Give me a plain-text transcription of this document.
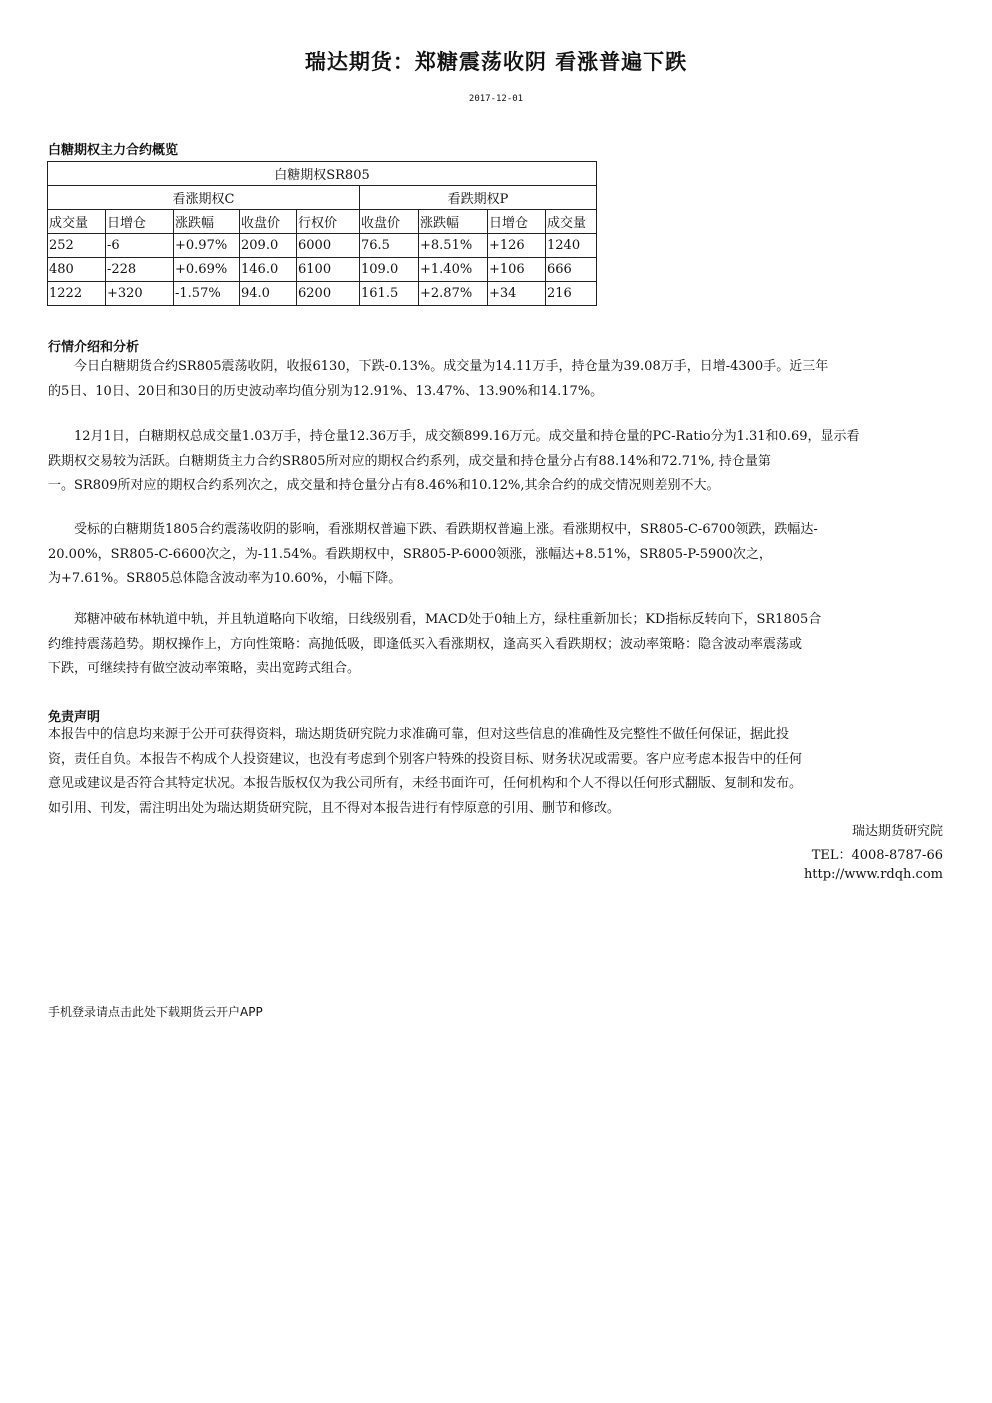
瑞达期货：郑糖震荡收阴 看涨普遍下跌
2017-12-01
白糖期权主力合约概览
白糖期权SR805								
看涨期权C					看跌期权P			
成交量	日增仓	涨跌幅	收盘价	行权价	收盘价	涨跌幅	日增仓	成交量
252	-6	+0.97%	209.0	6000	76.5	+8.51%	+126	1240
480	-228	+0.69%	146.0	6100	109.0	+1.40%	+106	666
1222	+320	-1.57%	94.0	6200	161.5	+2.87%	+34	216
行情介绍和分析
今日白糖期货合约SR805震荡收阴，收报6130，下跌-0.13%。成交量为14.11万手，持仓量为39.08万手，日增-4300手。近三年
的5日、10日、20日和30日的历史波动率均值分别为12.91%、13.47%、13.90%和14.17%。
12月1日，白糖期权总成交量1.03万手，持仓量12.36万手，成交额899.16万元。成交量和持仓量的PC-Ratio分为1.31和0.69，显示看
跌期权交易较为活跃。白糖期货主力合约SR805所对应的期权合约系列，成交量和持仓量分占有88.14%和72.71%, 持仓量第
一。SR809所对应的期权合约系列次之，成交量和持仓量分占有8.46%和10.12%,其余合约的成交情况则差别不大。
受标的白糖期货1805合约震荡收阴的影响，看涨期权普遍下跌、看跌期权普遍上涨。看涨期权中，SR805-C-6700领跌，跌幅达-
20.00%，SR805-C-6600次之，为-11.54%。看跌期权中，SR805-P-6000领涨，涨幅达+8.51%，SR805-P-5900次之，
为+7.61%。SR805总体隐含波动率为10.60%，小幅下降。
郑糖冲破布林轨道中轨，并且轨道略向下收缩，日线级别看，MACD处于0轴上方，绿柱重新加长；KD指标反转向下，SR1805合
约维持震荡趋势。期权操作上，方向性策略：高抛低吸，即逢低买入看涨期权，逢高买入看跌期权；波动率策略：隐含波动率震荡或
下跌，可继续持有做空波动率策略，卖出宽跨式组合。
免责声明
本报告中的信息均来源于公开可获得资料，瑞达期货研究院力求准确可靠，但对这些信息的准确性及完整性不做任何保证，据此投
资，责任自负。本报告不构成个人投资建议，也没有考虑到个别客户特殊的投资目标、财务状况或需要。客户应考虑本报告中的任何
意见或建议是否符合其特定状况。本报告版权仅为我公司所有，未经书面许可，任何机构和个人不得以任何形式翻版、复制和发布。
如引用、刊发，需注明出处为瑞达期货研究院，且不得对本报告进行有悖原意的引用、删节和修改。
瑞达期货研究院
TEL：4008-8787-66
http://www.rdqh.com
手机登录请点击此处下载期货云开户APP
